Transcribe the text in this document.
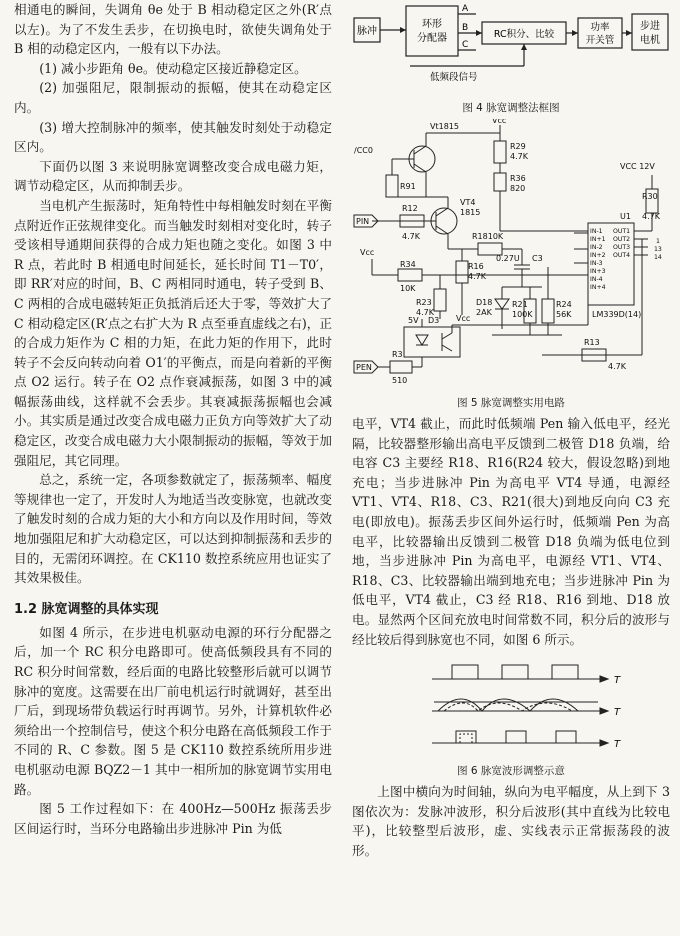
相通电的瞬间，失调角 θe 处于 B 相动稳定区之外(R′点以左)。为了不发生丢步，在切换电时，欲使失调角处于 B 相的动稳定区内，一般有以下办法。

(1) 减小步距角 θe。使动稳定区接近静稳定区。

(2) 加强阻尼，限制振动的振幅，使其在动稳定区内。

(3) 增大控制脉冲的频率，使其触发时刻处于动稳定区内。

下面仍以图 3 来说明脉宽调整改变合成电磁力矩，调节动稳定区，从而抑制丢步。

当电机产生振荡时，矩角特性中每相触发时刻在平衡点附近作正弦规律变化。而当触发时刻相对变化时，转子受该相导通期间获得的合成力矩也随之变化。如图 3 中 R 点，若此时 B 相通电时间延长，延长时间 T1－T0′，即 RR′对应的时间，B、C 两相同时通电，转子受到 B、C 两相的合成电磁转矩正负抵消后还大于零，等效扩大了 C 相动稳定区(R′点之右扩大为 R 点至垂直虚线之右)，正的合成力矩作为 C 相的力矩，在此力矩的作用下，此时转子不会反向转动向着 O1′的平衡点，而是向着新的平衡点 O2 运行。转子在 O2 点作衰减振荡，如图 3 中的减幅振荡曲线，这样就不会丢步。其衰减振荡振幅也会减小。其实质是通过改变合成电磁力正负方向等效扩大了动稳定区，改变合成电磁力大小限制振动的振幅，等效于加强阻尼，其它同理。

总之，系统一定，各项参数就定了，振荡频率、幅度等规律也一定了，开发时人为地适当改变脉宽，也就改变了触发时刻的合成力矩的大小和方向以及作用时间，等效地加强阻尼和扩大动稳定区，可以达到抑制振荡和丢步的目的，无需闭环调控。在 CK110 数控系统应用也证实了其效果极佳。

1.2 脉宽调整的具体实现

如图 4 所示，在步进电机驱动电源的环行分配器之后，加一个 RC 积分电路即可。使高低频段具有不同的 RC 积分时间常数，经后面的电路比较整形后就可以调节脉冲的宽度。这需要在出厂前电机运行时就调好，甚至出厂后，到现场带负载运行时再调节。另外，计算机软件必须给出一个控制信号，使这个积分电路在高低频段工作于不同的 R、C 参数。图 5 是 CK110 数控系统所用步进电机驱动电源 BQZ2－1 其中一相所加的脉宽调节实用电路。

图 5 工作过程如下：在 400Hz—500Hz 振荡丢步区间运行时，当环分电路输出步进脉冲 Pin 为低

脉冲
环形
分配器
A
B
C
RC积分、比较
功率
开关管
步进
电机
低频段信号
图 4 脉宽调整法框图
Vt1815
/CC0
R91
Vcc
R29
4.7K
R36
820
VCC 12V
PIN
R12
4.7K
VT4
1815
R1810K
0.27U C3
R30
4.7K
U1
Vcc
R34
10K
R16
4.7K
R23
4.7K
D18
2AK
R21
100K
R24
56K	LM339D(14)
5V D3 Vcc
PEN
R3
510
R13
4.7K
IN-1
IN+1
IN-2
IN+2
IN-3
IN+3
IN-4
IN+4
OUT1
OUT2
OUT3
OUT4
1
13
14
图 5 脉宽调整实用电路

电平，VT4 截止，而此时低频端 Pen 输入低电平，经光隔，比较器整形输出高电平反馈到二极管 D18 负端，给电容 C3 主要经 R18、R16(R24 较大，假设忽略)到地充电；当步进脉冲 Pin 为高电平 VT4 导通，电源经 VT1、VT4、R18、C3、R21(很大)到地反向向 C3 充电(即放电)。振荡丢步区间外运行时，低频端 Pen 为高电平，比较器输出反馈到二极管 D18 负端为低电位到地，当步进脉冲 Pin 为高电平，电源经 VT1、VT4、R18、C3、比较器输出端到地充电；当步进脉冲 Pin 为低电平，VT4 截止，C3 经 R18、R16 到地、D18 放电。显然两个区间充放电时间常数不同，积分后的波形与经比较后得到脉宽也不同，如图 6 所示。

T
T
T
图 6 脉宽波形调整示意

上图中横向为时间轴，纵向为电平幅度，从上到下 3 图依次为：发脉冲波形，积分后波形(其中直线为比较电平)，比较整型后波形，虚、实线表示正常振荡段的波形。
